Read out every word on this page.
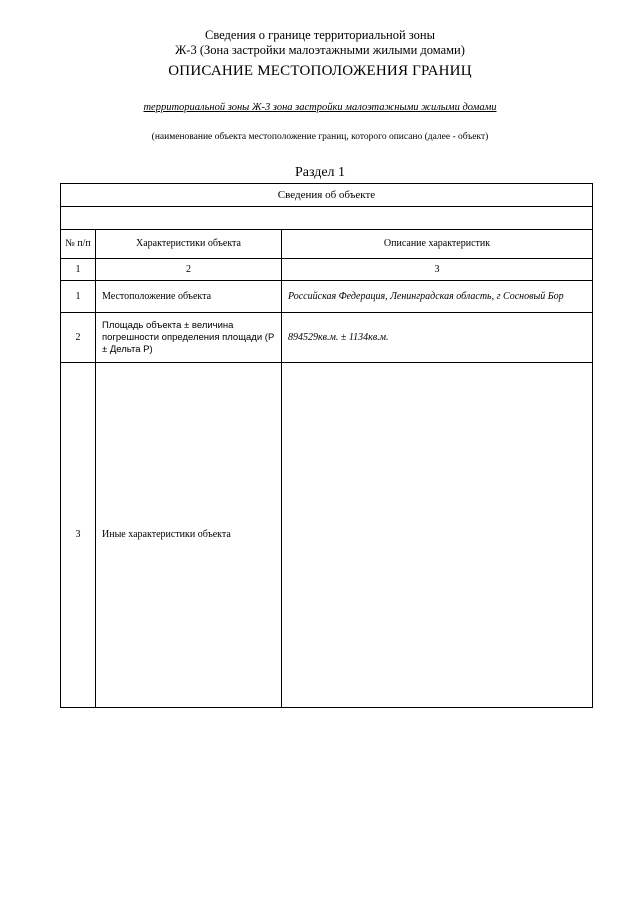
Сведения о границе территориальной зоны
Ж-3 (Зона застройки малоэтажными жилыми домами)
ОПИСАНИЕ МЕСТОПОЛОЖЕНИЯ ГРАНИЦ
территориальной зоны Ж-3 зона застройки малоэтажными жилыми домами
(наименование объекта местоположение границ, которого описано (далее - объект)
Раздел 1
Сведения об объекте		

№ п/п	Характеристики объекта	Описание характеристик
1	2	3
1	Местоположение объекта	Российская Федерация, Ленинградская область, г Сосновый Бор
2	Площадь объекта ± величина погрешности определения площади (Р ± Дельта Р)	894529кв.м. ± 1134кв.м.
3	Иные характеристики объекта	
